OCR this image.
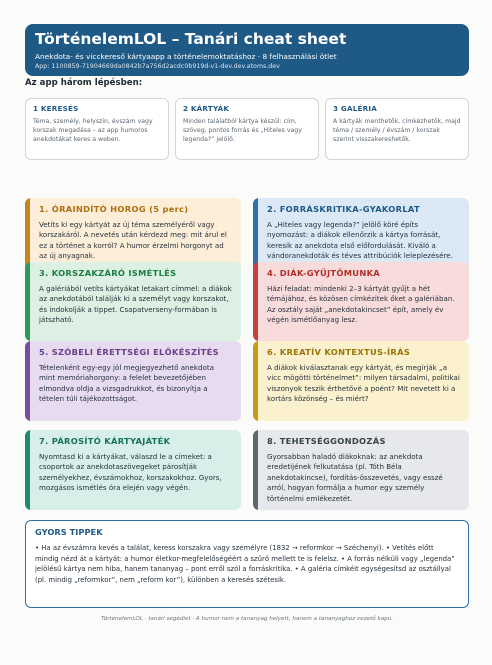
TörténelemLOL – Tanári cheat sheet
Anekdota- és vicckereső kártyaapp a történelemoktatáshoz · 8 felhasználási ötlet
App: 1100859-71904669da0842b7a756d2acdc0b919d-v1-dev.dev.atoms.dev
Az app három lépésben:
1 KERESÉS
Téma, személy, helyszín, évszám vagy korszak megadása – az app humoros anekdotákat keres a weben.
2 KÁRTYÁK
Minden találatból kártya készül: cím, szöveg, pontos forrás és „Hiteles vagy legenda?” jelölő.
3 GALÉRIA
A kártyák menthetők, címkézhetők, majd téma / személy / évszám / korszak szerint visszakereshetők.
1. ÓRAINDÍTÓ HOROG (5 perc)
Vetíts ki egy kártyát az új téma személyéről vagy korszakáról. A nevetés után kérdezd meg: mit árul el ez a történet a korról? A humor érzelmi horgonyt ad az új anyagnak.
2. FORRÁSKRITIKA-GYAKORLAT
A „Hiteles vagy legenda?” jelölő köré építs nyomozást: a diákok ellenőrzik a kártya forrását, keresik az anekdota első előfordulását. Kiváló a vándoranekdoták és téves attribúciók leleplezésére.
3. KORSZAKZÁRÓ ISMÉTLÉS
A galériából vetíts kártyákat letakart címmel: a diákok az anekdotából találják ki a személyt vagy korszakot, és indokolják a tippet. Csapatverseny-formában is játszható.
4. DIÁK-GYŰJTŐMUNKA
Házi feladat: mindenki 2–3 kártyát gyűjt a hét témájához, és közösen címkézitek őket a galériában. Az osztály saját „anekdotakincset” épít, amely év végén ismétlőanyag lesz.
5. SZÓBELI ÉRETTSÉGI ELŐKÉSZÍTÉS
Tételenként egy-egy jól megjegyezhető anekdota mint memóriahorgony: a felelet bevezetőjében elmondva oldja a vizsgadrukkot, és bizonyítja a tételen túli tájékozottságot.
6. KREATÍV KONTEXTUS-ÍRÁS
A diákok kiválasztanak egy kártyát, és megírják „a vicc mögötti történelmet”: milyen társadalmi, politikai viszonyok teszik érthetővé a poént? Mit nevetett ki a kortárs közönség – és miért?
7. PÁROSÍTÓ KÁRTYAJÁTÉK
Nyomtasd ki a kártyákat, válaszd le a címeket: a csoportok az anekdotaszövegeket párosítják személyekhez, évszámokhoz, korszakokhoz. Gyors, mozgásos ismétlés óra elején vagy végén.
8. TEHETSÉGGONDOZÁS
Gyorsabban haladó diákoknak: az anekdota eredetijének felkutatása (pl. Tóth Béla anekdotakincse), fordítás-összevetés, vagy esszé arról, hogyan formálja a humor egy személy történelmi emlékezetét.
GYORS TIPPEK
• Ha az évszámra kevés a találat, keress korszakra vagy személyre (1832 → reformkor → Széchenyi). • Vetítés előtt mindig nézd át a kártyát: a humor életkor-megfelelőségéért a szűrő mellett te is felelsz. • A forrás nélküli vagy „legenda” jelölésű kártya nem hiba, hanem tananyag – pont erről szól a forráskritika. • A galéria címkéit egységesítsd az osztállyal (pl. mindig „reformkor”, nem „reform kor”), különben a keresés szétesik.
TörténelemLOL · tanári segédlet · A humor nem a tananyag helyett, hanem a tananyaghoz vezető kapu.
